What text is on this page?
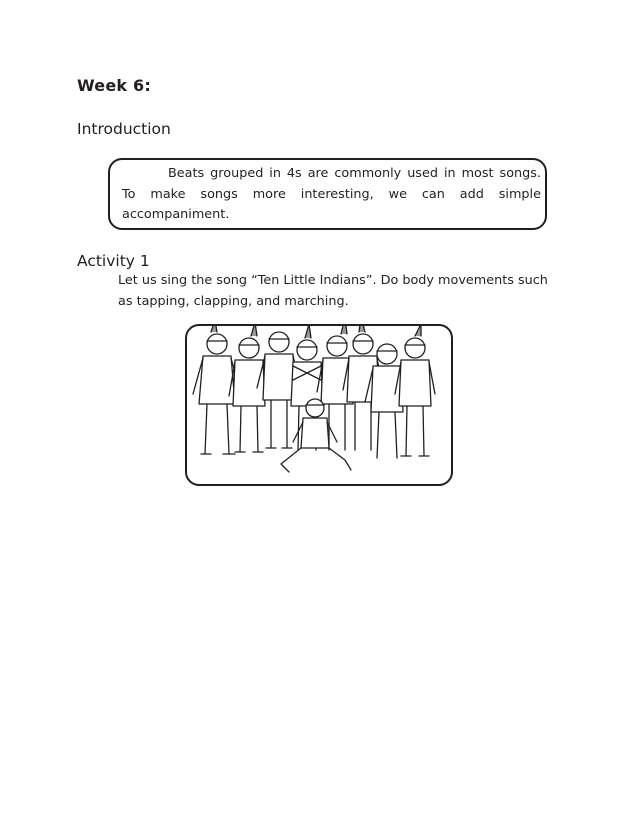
Week 6:
Introduction
Beats grouped in 4s are commonly used in most songs. To make songs more interesting, we can add simple accompaniment.
Activity 1
Let us sing the song “Ten Little Indians”. Do body movements such as tapping, clapping, and marching.
